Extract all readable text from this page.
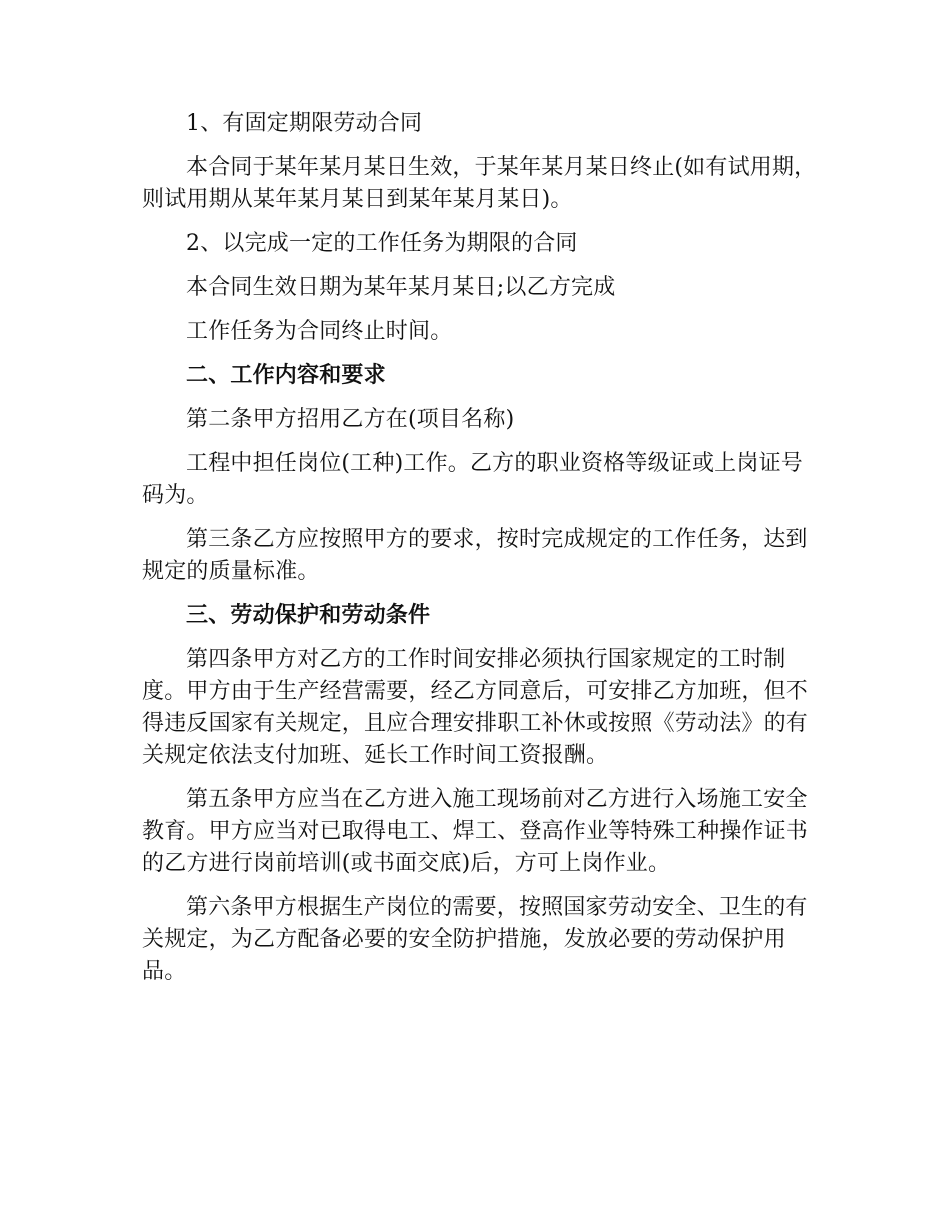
1、有固定期限劳动合同

本合同于某年某月某日生效，于某年某月某日终止(如有试用期，则试用期从某年某月某日到某年某月某日)。

2、以完成一定的工作任务为期限的合同

本合同生效日期为某年某月某日;以乙方完成

工作任务为合同终止时间。

二、工作内容和要求

第二条甲方招用乙方在(项目名称)

工程中担任岗位(工种)工作。乙方的职业资格等级证或上岗证号码为。

第三条乙方应按照甲方的要求，按时完成规定的工作任务，达到规定的质量标准。

三、劳动保护和劳动条件

第四条甲方对乙方的工作时间安排必须执行国家规定的工时制度。甲方由于生产经营需要，经乙方同意后，可安排乙方加班，但不得违反国家有关规定，且应合理安排职工补休或按照《劳动法》的有关规定依法支付加班、延长工作时间工资报酬。

第五条甲方应当在乙方进入施工现场前对乙方进行入场施工安全教育。甲方应当对已取得电工、焊工、登高作业等特殊工种操作证书的乙方进行岗前培训(或书面交底)后，方可上岗作业。

第六条甲方根据生产岗位的需要，按照国家劳动安全、卫生的有关规定，为乙方配备必要的安全防护措施，发放必要的劳动保护用品。
